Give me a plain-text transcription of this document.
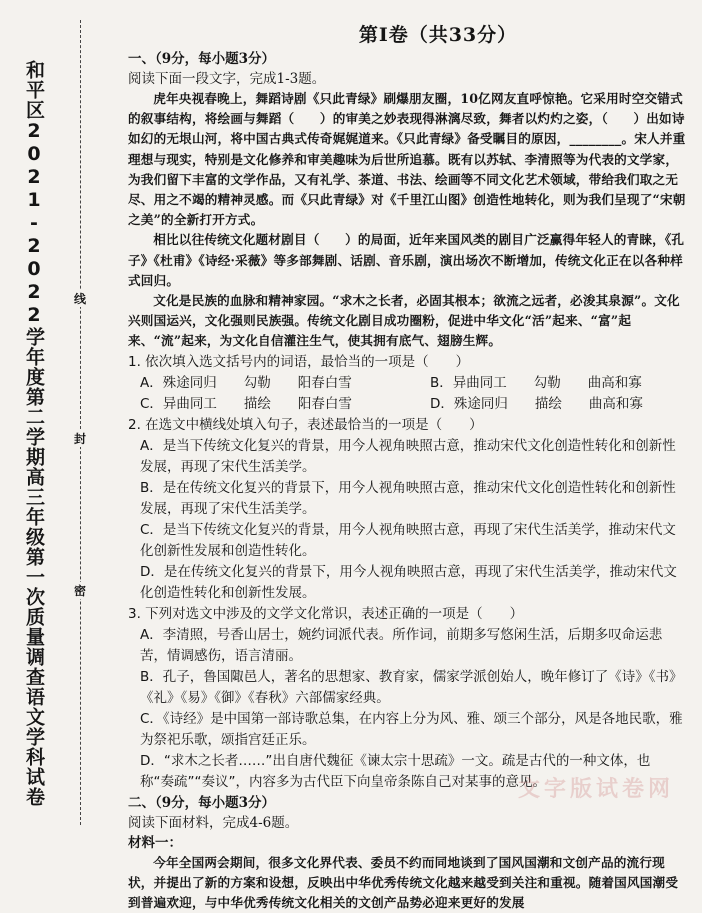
和平区2021-2022学年度第二学期高三年级第一次质量调查语文学科试卷	线
封
密
第Ⅰ卷（共33分）
一、（9分，每小题3分）
阅读下面一段文字，完成1-3题。
虎年央视春晚上，舞蹈诗剧《只此青绿》刷爆朋友圈，10亿网友直呼惊艳。它采用时空交错式的叙事结构，将绘画与舞蹈（　　）的审美之妙表现得淋漓尽致，舞者以灼灼之姿，（　　）出如诗如幻的无垠山河，将中国古典式传奇娓娓道来。《只此青绿》备受瞩目的原因，________。宋人并重理想与现实，特别是文化修养和审美趣味为后世所追慕。既有以苏轼、李清照等为代表的文学家，为我们留下丰富的文学作品，又有礼学、茶道、书法、绘画等不同文化艺术领域，带给我们取之无尽、用之不竭的精神灵感。而《只此青绿》对《千里江山图》创造性地转化，则为我们呈现了“宋朝之美”的全新打开方式。
相比以往传统文化题材剧目（　　）的局面，近年来国风类的剧目广泛赢得年轻人的青睐，《孔子》《杜甫》《诗经·采薇》等多部舞剧、话剧、音乐剧，演出场次不断增加，传统文化正在以各种样式回归。
文化是民族的血脉和精神家园。“求木之长者，必固其根本；欲流之远者，必浚其泉源”。文化兴则国运兴，文化强则民族强。传统文化剧目成功圈粉，促进中华文化“活”起来、“富”起来、“流”起来，为文化自信灌注生气，使其拥有底气、翅膀生辉。
1. 依次填入选文括号内的词语，最恰当的一项是（　　）
A．殊途同归　　勾勒　　阳春白雪	B．异曲同工　　勾勒　　曲高和寡
C．异曲同工　　描绘　　阳春白雪	D．殊途同归　　描绘　　曲高和寡
2. 在选文中横线处填入句子，表述最恰当的一项是（　　）
A．是当下传统文化复兴的背景，用今人视角映照古意，推动宋代文化创造性转化和创新性发展，再现了宋代生活美学。
B．是在传统文化复兴的背景下，用今人视角映照古意，推动宋代文化创造性转化和创新性发展，再现了宋代生活美学。
C．是当下传统文化复兴的背景，用今人视角映照古意，再现了宋代生活美学，推动宋代文化创新性发展和创造性转化。
D．是在传统文化复兴的背景下，用今人视角映照古意，再现了宋代生活美学，推动宋代文化创造性转化和创新性发展。
3. 下列对选文中涉及的文学文化常识，表述正确的一项是（　　）
A．李清照，号香山居士，婉约词派代表。所作词，前期多写悠闲生活，后期多叹命运悲苦，情调感伤，语言清丽。
B．孔子，鲁国陬邑人，著名的思想家、教育家，儒家学派创始人，晚年修订了《诗》《书》《礼》《易》《御》《春秋》六部儒家经典。
C．《诗经》是中国第一部诗歌总集，在内容上分为风、雅、颂三个部分，风是各地民歌，雅为祭祀乐歌，颂指宫廷正乐。
D．“求木之长者……”出自唐代魏征《谏太宗十思疏》一文。疏是古代的一种文体，也称“奏疏”“奏议”，内容多为古代臣下向皇帝条陈自己对某事的意见。
二、（9分，每小题3分）
阅读下面材料，完成4-6题。
材料一：
今年全国两会期间，很多文化界代表、委员不约而同地谈到了国风国潮和文创产品的流行现状，并提出了新的方案和设想，反映出中华优秀传统文化越来越受到关注和重视。随着国风国潮受到普遍欢迎，与中华优秀传统文化相关的文创产品势必迎来更好的发展
文字版试卷网
